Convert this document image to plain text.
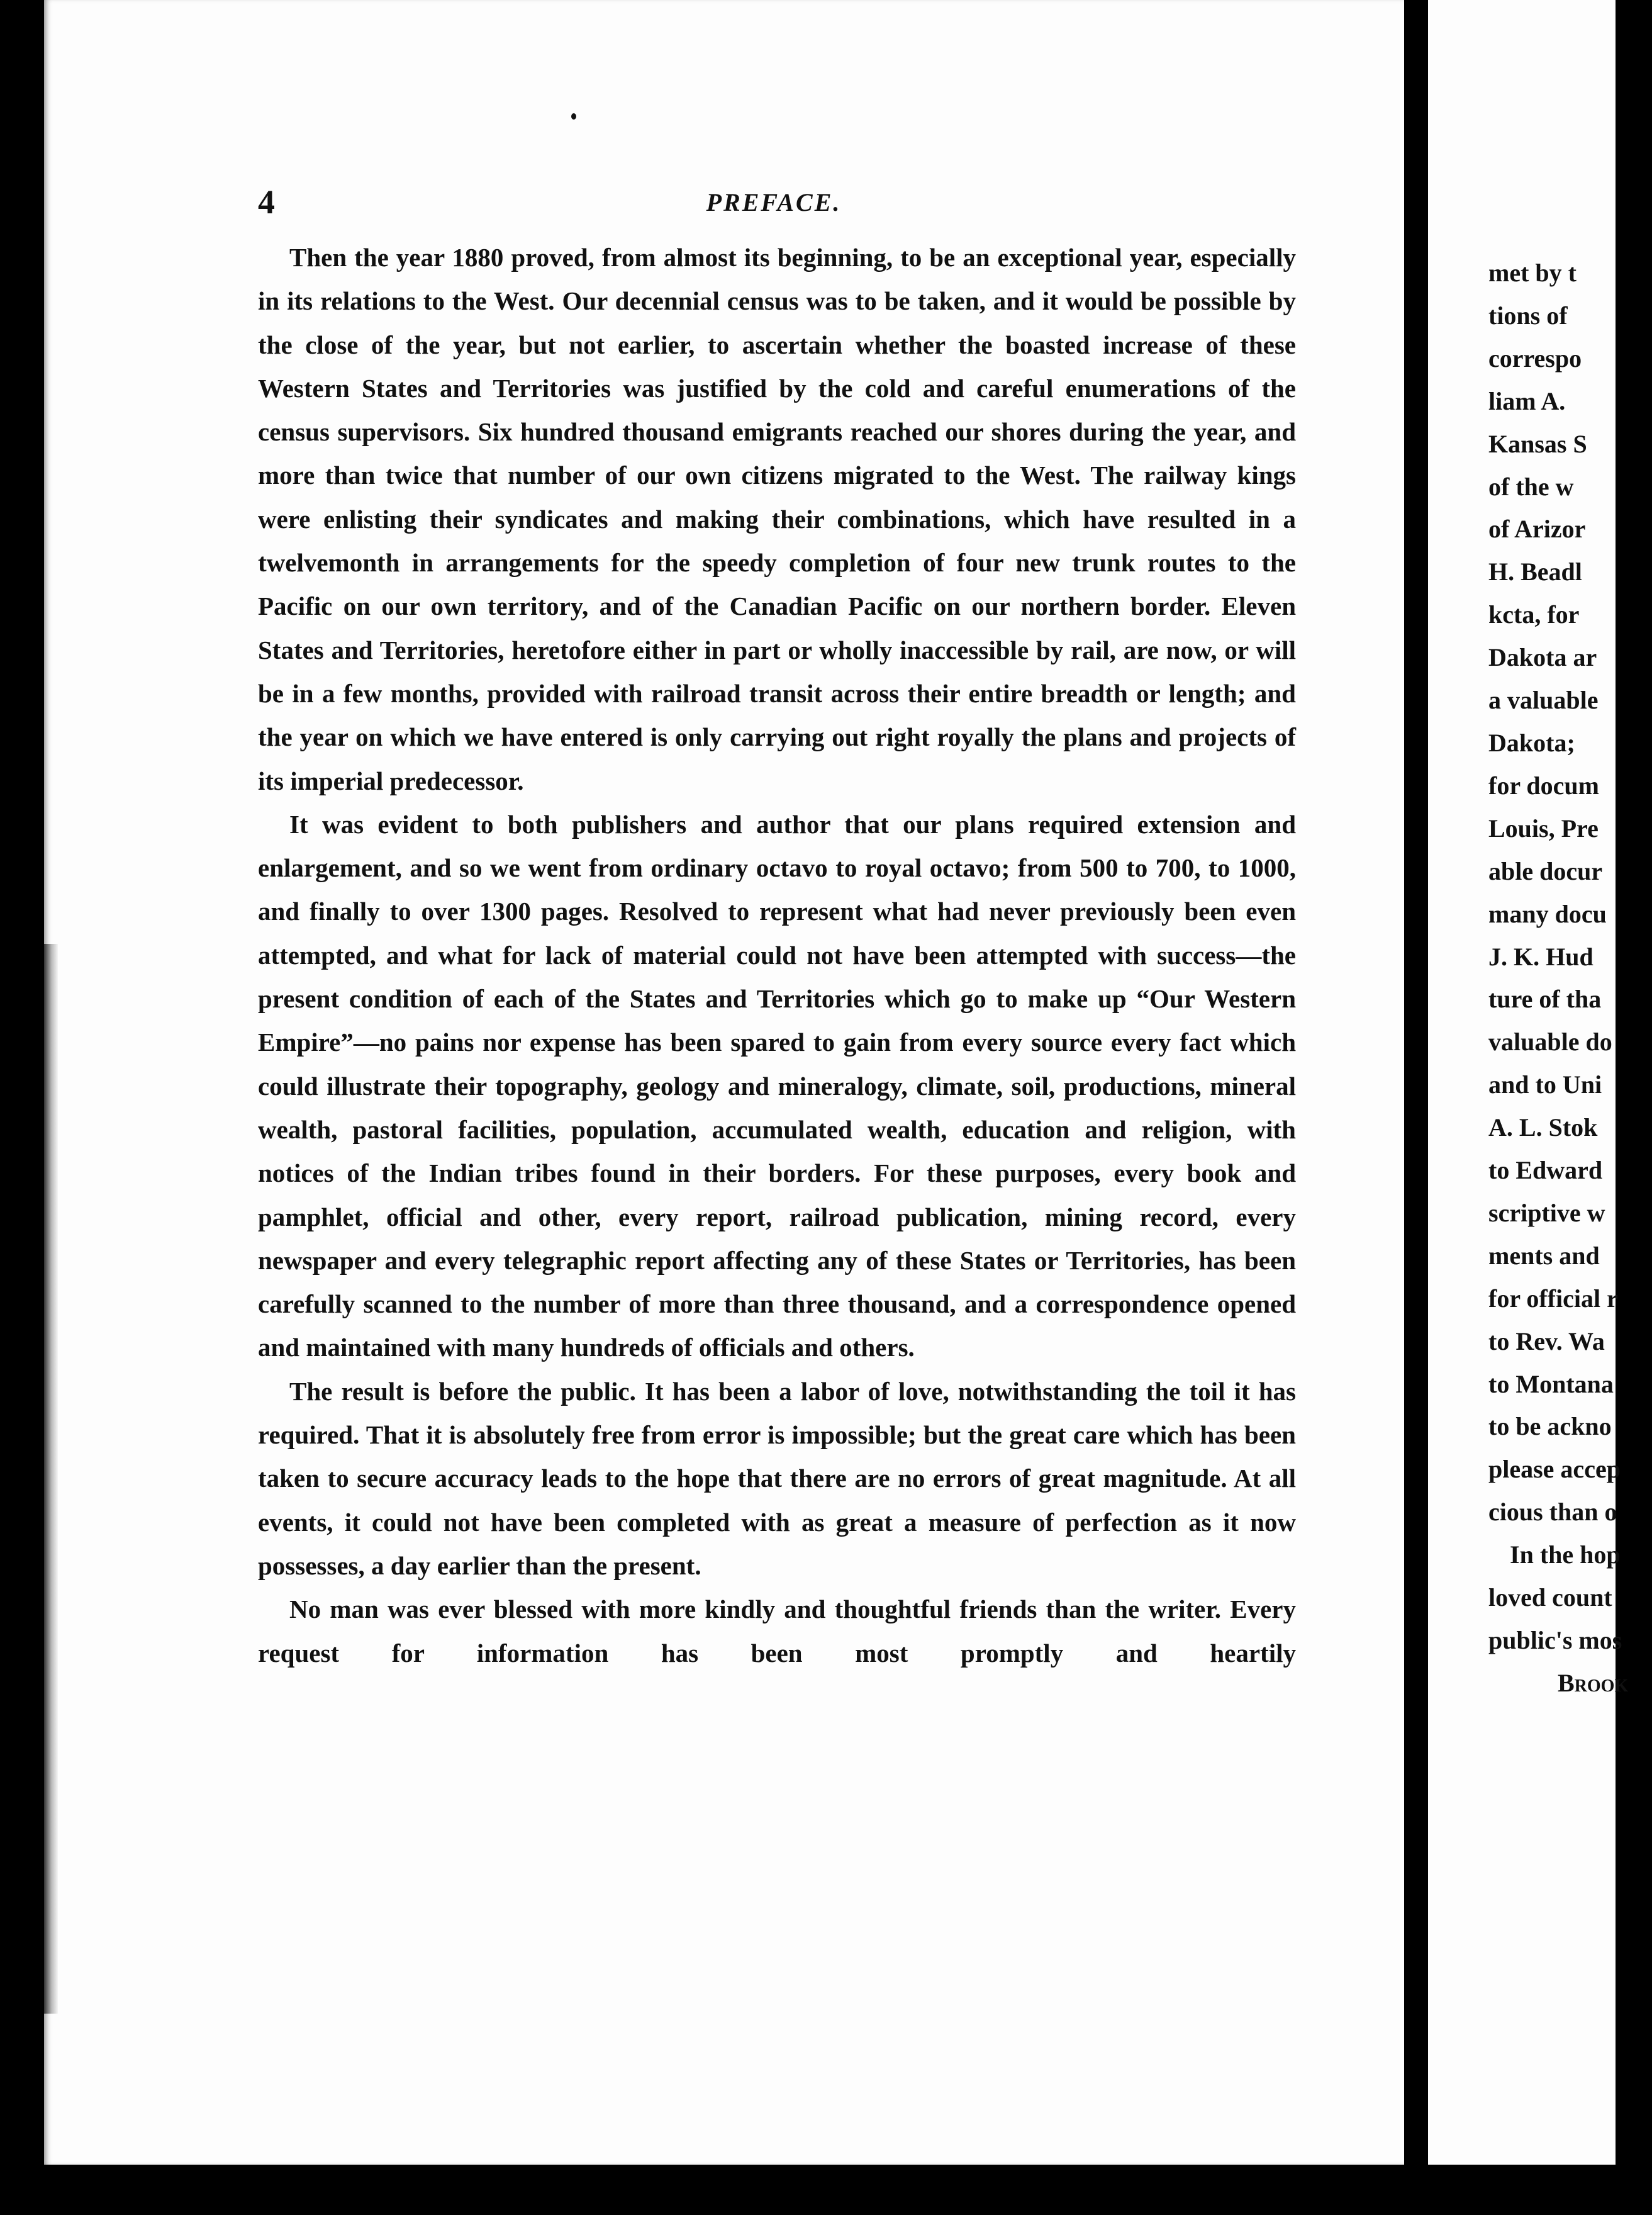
4	PREFACE.

Then the year 1880 proved, from almost its beginning, to be an exceptional year, especially in its relations to the West. Our decennial census was to be taken, and it would be possible by the close of the year, but not earlier, to ascertain whether the boasted increase of these Western States and Territories was justified by the cold and careful enumerations of the census supervisors. Six hundred thousand emigrants reached our shores during the year, and more than twice that number of our own citizens migrated to the West. The railway kings were enlisting their syndicates and making their combinations, which have resulted in a twelvemonth in arrangements for the speedy completion of four new trunk routes to the Pacific on our own territory, and of the Canadian Pacific on our northern border. Eleven States and Territories, heretofore either in part or wholly inaccessible by rail, are now, or will be in a few months, provided with railroad transit across their entire breadth or length; and the year on which we have entered is only carrying out right royally the plans and projects of its imperial predecessor.

It was evident to both publishers and author that our plans required extension and enlargement, and so we went from ordinary octavo to royal octavo; from 500 to 700, to 1000, and finally to over 1300 pages. Resolved to represent what had never previously been even attempted, and what for lack of material could not have been attempted with success—the present condition of each of the States and Territories which go to make up “Our Western Empire”—no pains nor expense has been spared to gain from every source every fact which could illustrate their topography, geology and mineralogy, climate, soil, productions, mineral wealth, pastoral facilities, population, accumulated wealth, education and religion, with notices of the Indian tribes found in their borders. For these purposes, every book and pamphlet, official and other, every report, railroad publication, mining record, every newspaper and every telegraphic report affecting any of these States or Territories, has been carefully scanned to the number of more than three thousand, and a correspondence opened and maintained with many hundreds of officials and others.

The result is before the public. It has been a labor of love, notwithstanding the toil it has required. That it is absolutely free from error is impossible; but the great care which has been taken to secure accuracy leads to the hope that there are no errors of great magnitude. At all events, it could not have been completed with as great a measure of perfection as it now possesses, a day earlier than the present.

No man was ever blessed with more kindly and thoughtful friends than the writer. Every request for information has been most promptly and heartily

met by t
tions of
correspo
liam A.
Kansas S
of the w
of Arizor
H. Beadl
kcta, for
Dakota ar
a valuable
Dakota;
for docum
Louis, Pre
able docur
many docu
J. K. Hud
ture of tha
valuable do
and to Uni
A. L. Stok
to Edward
scriptive w
ments and
for official r
to Rev. Wa
to Montana
to be ackno
please accep
cious than o
In the hop
loved count
public's mos
Brook
